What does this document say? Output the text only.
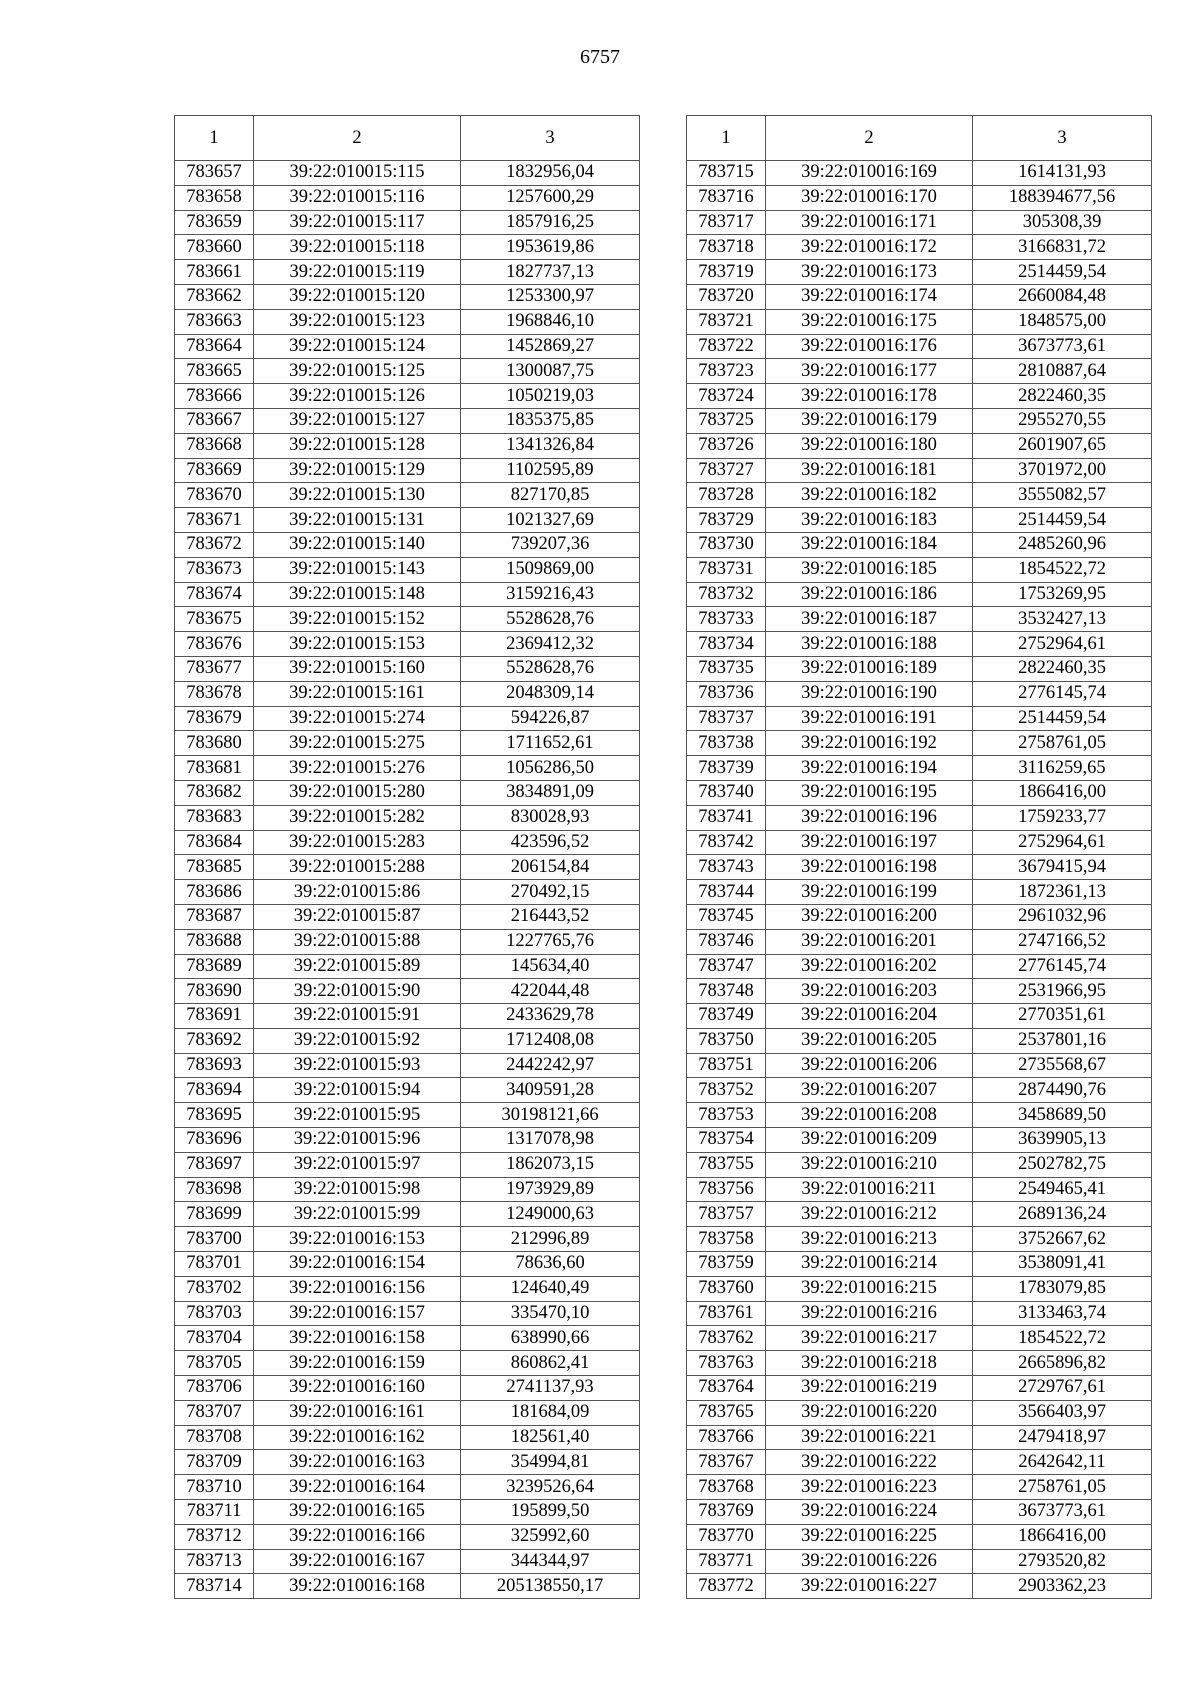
6757
1	2	3
783657	39:22:010015:115	1832956,04
783658	39:22:010015:116	1257600,29
783659	39:22:010015:117	1857916,25
783660	39:22:010015:118	1953619,86
783661	39:22:010015:119	1827737,13
783662	39:22:010015:120	1253300,97
783663	39:22:010015:123	1968846,10
783664	39:22:010015:124	1452869,27
783665	39:22:010015:125	1300087,75
783666	39:22:010015:126	1050219,03
783667	39:22:010015:127	1835375,85
783668	39:22:010015:128	1341326,84
783669	39:22:010015:129	1102595,89
783670	39:22:010015:130	827170,85
783671	39:22:010015:131	1021327,69
783672	39:22:010015:140	739207,36
783673	39:22:010015:143	1509869,00
783674	39:22:010015:148	3159216,43
783675	39:22:010015:152	5528628,76
783676	39:22:010015:153	2369412,32
783677	39:22:010015:160	5528628,76
783678	39:22:010015:161	2048309,14
783679	39:22:010015:274	594226,87
783680	39:22:010015:275	1711652,61
783681	39:22:010015:276	1056286,50
783682	39:22:010015:280	3834891,09
783683	39:22:010015:282	830028,93
783684	39:22:010015:283	423596,52
783685	39:22:010015:288	206154,84
783686	39:22:010015:86	270492,15
783687	39:22:010015:87	216443,52
783688	39:22:010015:88	1227765,76
783689	39:22:010015:89	145634,40
783690	39:22:010015:90	422044,48
783691	39:22:010015:91	2433629,78
783692	39:22:010015:92	1712408,08
783693	39:22:010015:93	2442242,97
783694	39:22:010015:94	3409591,28
783695	39:22:010015:95	30198121,66
783696	39:22:010015:96	1317078,98
783697	39:22:010015:97	1862073,15
783698	39:22:010015:98	1973929,89
783699	39:22:010015:99	1249000,63
783700	39:22:010016:153	212996,89
783701	39:22:010016:154	78636,60
783702	39:22:010016:156	124640,49
783703	39:22:010016:157	335470,10
783704	39:22:010016:158	638990,66
783705	39:22:010016:159	860862,41
783706	39:22:010016:160	2741137,93
783707	39:22:010016:161	181684,09
783708	39:22:010016:162	182561,40
783709	39:22:010016:163	354994,81
783710	39:22:010016:164	3239526,64
783711	39:22:010016:165	195899,50
783712	39:22:010016:166	325992,60
783713	39:22:010016:167	344344,97
783714	39:22:010016:168	205138550,17
1	2	3
783715	39:22:010016:169	1614131,93
783716	39:22:010016:170	188394677,56
783717	39:22:010016:171	305308,39
783718	39:22:010016:172	3166831,72
783719	39:22:010016:173	2514459,54
783720	39:22:010016:174	2660084,48
783721	39:22:010016:175	1848575,00
783722	39:22:010016:176	3673773,61
783723	39:22:010016:177	2810887,64
783724	39:22:010016:178	2822460,35
783725	39:22:010016:179	2955270,55
783726	39:22:010016:180	2601907,65
783727	39:22:010016:181	3701972,00
783728	39:22:010016:182	3555082,57
783729	39:22:010016:183	2514459,54
783730	39:22:010016:184	2485260,96
783731	39:22:010016:185	1854522,72
783732	39:22:010016:186	1753269,95
783733	39:22:010016:187	3532427,13
783734	39:22:010016:188	2752964,61
783735	39:22:010016:189	2822460,35
783736	39:22:010016:190	2776145,74
783737	39:22:010016:191	2514459,54
783738	39:22:010016:192	2758761,05
783739	39:22:010016:194	3116259,65
783740	39:22:010016:195	1866416,00
783741	39:22:010016:196	1759233,77
783742	39:22:010016:197	2752964,61
783743	39:22:010016:198	3679415,94
783744	39:22:010016:199	1872361,13
783745	39:22:010016:200	2961032,96
783746	39:22:010016:201	2747166,52
783747	39:22:010016:202	2776145,74
783748	39:22:010016:203	2531966,95
783749	39:22:010016:204	2770351,61
783750	39:22:010016:205	2537801,16
783751	39:22:010016:206	2735568,67
783752	39:22:010016:207	2874490,76
783753	39:22:010016:208	3458689,50
783754	39:22:010016:209	3639905,13
783755	39:22:010016:210	2502782,75
783756	39:22:010016:211	2549465,41
783757	39:22:010016:212	2689136,24
783758	39:22:010016:213	3752667,62
783759	39:22:010016:214	3538091,41
783760	39:22:010016:215	1783079,85
783761	39:22:010016:216	3133463,74
783762	39:22:010016:217	1854522,72
783763	39:22:010016:218	2665896,82
783764	39:22:010016:219	2729767,61
783765	39:22:010016:220	3566403,97
783766	39:22:010016:221	2479418,97
783767	39:22:010016:222	2642642,11
783768	39:22:010016:223	2758761,05
783769	39:22:010016:224	3673773,61
783770	39:22:010016:225	1866416,00
783771	39:22:010016:226	2793520,82
783772	39:22:010016:227	2903362,23
